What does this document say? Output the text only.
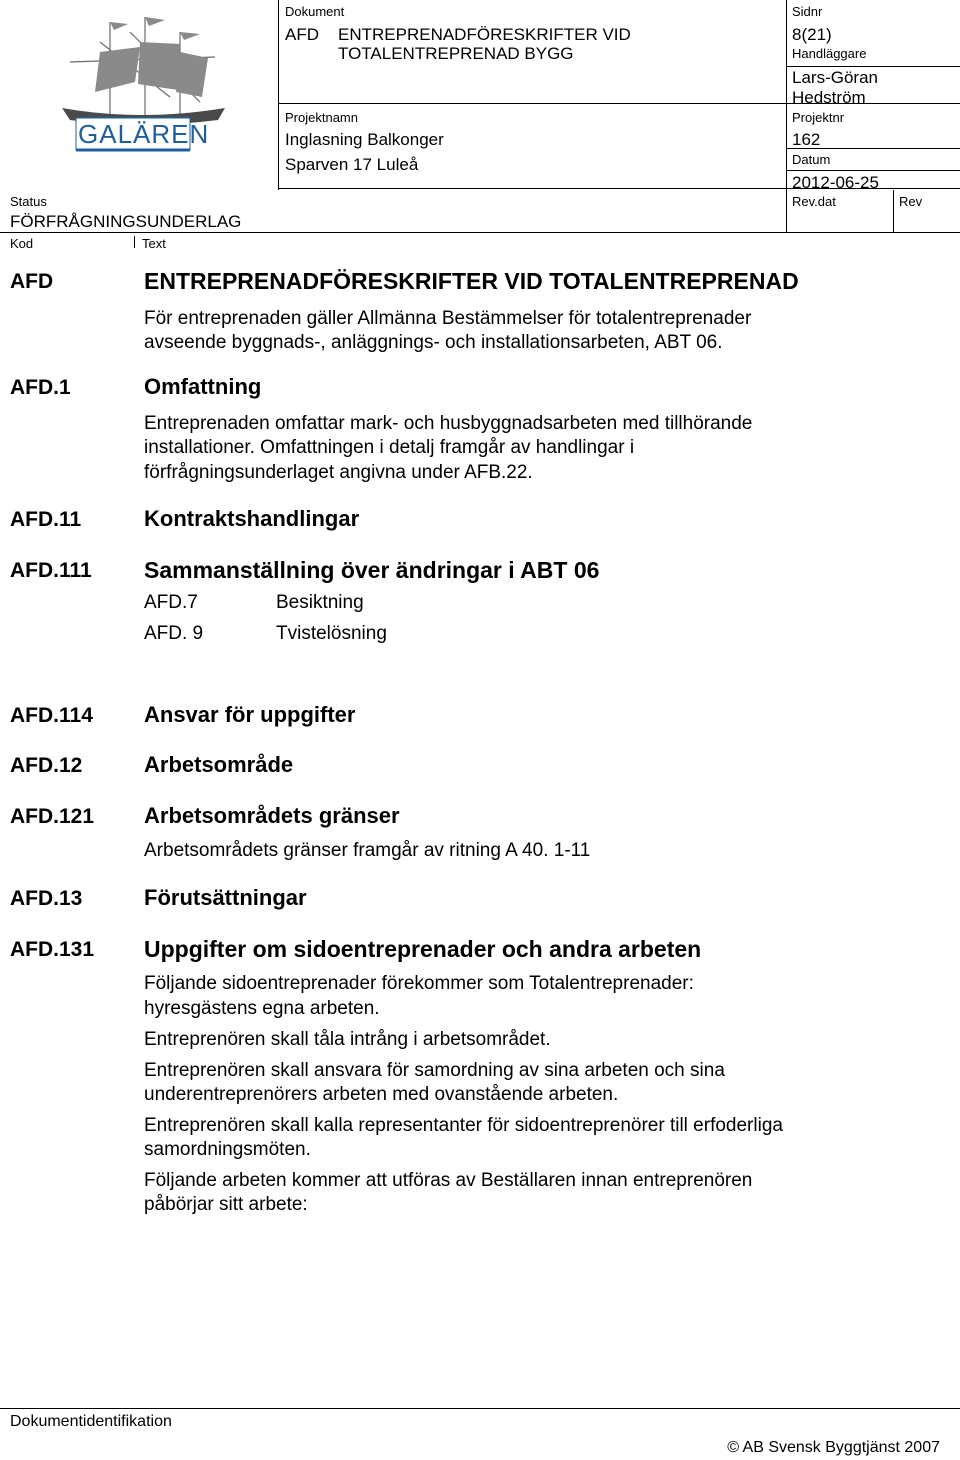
GALÄREN
Status
FÖRFRÅGNINGSUNDERLAG
Kod	Text
Dokument
AFD ENTREPRENADFÖRESKRIFTER VID
TOTALENTREPRENAD BYGG
Projektnamn
Inglasning Balkonger
Sparven 17 Luleå
Sidnr
8(21)
Handläggare
Lars-Göran
Hedström
Projektnr
162
Datum
2012-06-25
Rev.dat	Rev
AFD	ENTREPRENADFÖRESKRIFTER VID TOTALENTREPRENAD
För entreprenaden gäller Allmänna Bestämmelser för totalentreprenader
avseende byggnads-, anläggnings- och installationsarbeten, ABT 06.
AFD.1	Omfattning
Entreprenaden omfattar mark- och husbyggnadsarbeten med tillhörande
installationer. Omfattningen i detalj framgår av handlingar i
förfrågningsunderlaget angivna under AFB.22.
AFD.11	Kontraktshandlingar
AFD.111 Sammanställning över ändringar i ABT 06
AFD.7	Besiktning
AFD. 9	Tvistelösning
AFD.114 Ansvar för uppgifter
AFD.12	Arbetsområde
AFD.121 Arbetsområdets gränser
Arbetsområdets gränser framgår av ritning A 40. 1-11
AFD.13	Förutsättningar
AFD.131 Uppgifter om sidoentreprenader och andra arbeten
Följande sidoentreprenader förekommer som Totalentreprenader:
hyresgästens egna arbeten.
Entreprenören skall tåla intrång i arbetsområdet.
Entreprenören skall ansvara för samordning av sina arbeten och sina
underentreprenörers arbeten med ovanstående arbeten.
Entreprenören skall kalla representanter för sidoentreprenörer till erfoderliga
samordningsmöten.
Följande arbeten kommer att utföras av Beställaren innan entreprenören
påbörjar sitt arbete:
Dokumentidentifikation
© AB Svensk Byggtjänst 2007
